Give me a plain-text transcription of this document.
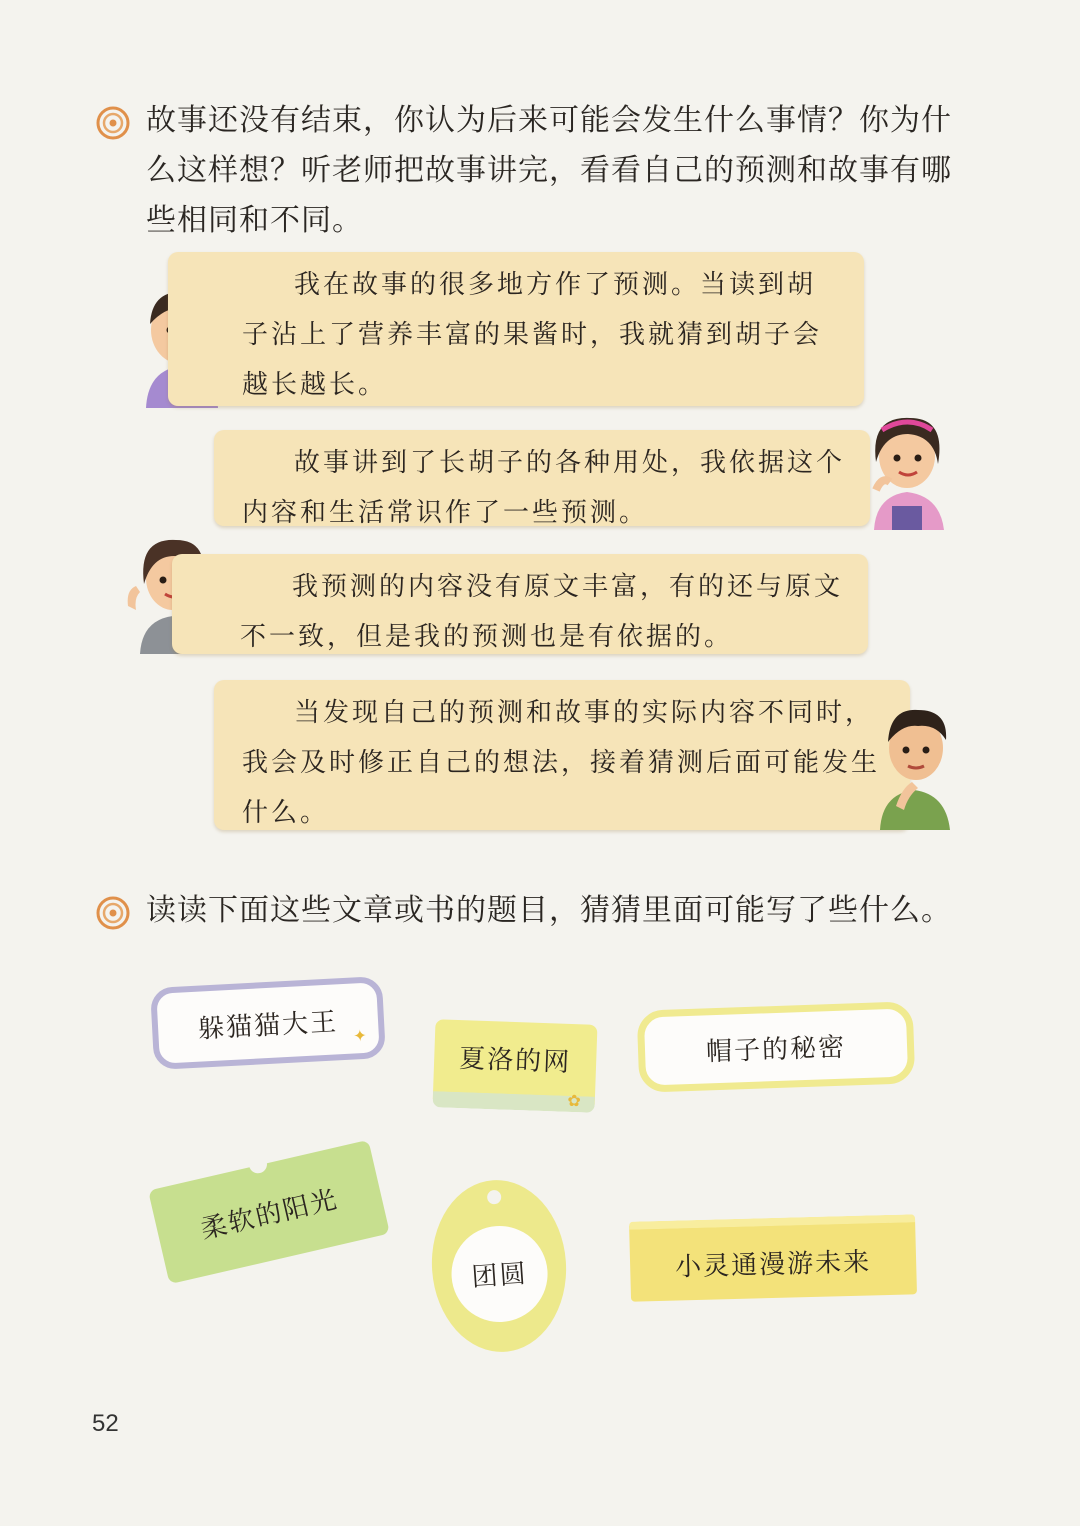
故事还没有结束，你认为后来可能会发生什么事情？你为什么这样想？听老师把故事讲完，看看自己的预测和故事有哪些相同和不同。
我在故事的很多地方作了预测。当读到胡子沾上了营养丰富的果酱时，我就猜到胡子会越长越长。
故事讲到了长胡子的各种用处，我依据这个内容和生活常识作了一些预测。
我预测的内容没有原文丰富，有的还与原文不一致，但是我的预测也是有依据的。
当发现自己的预测和故事的实际内容不同时，我会及时修正自己的想法，接着猜测后面可能发生什么。
读读下面这些文章或书的题目，猜猜里面可能写了些什么。
躲猫猫大王 ✦
夏洛的网
✿
帽子的秘密
柔软的阳光
团圆	小灵通漫游未来
52
